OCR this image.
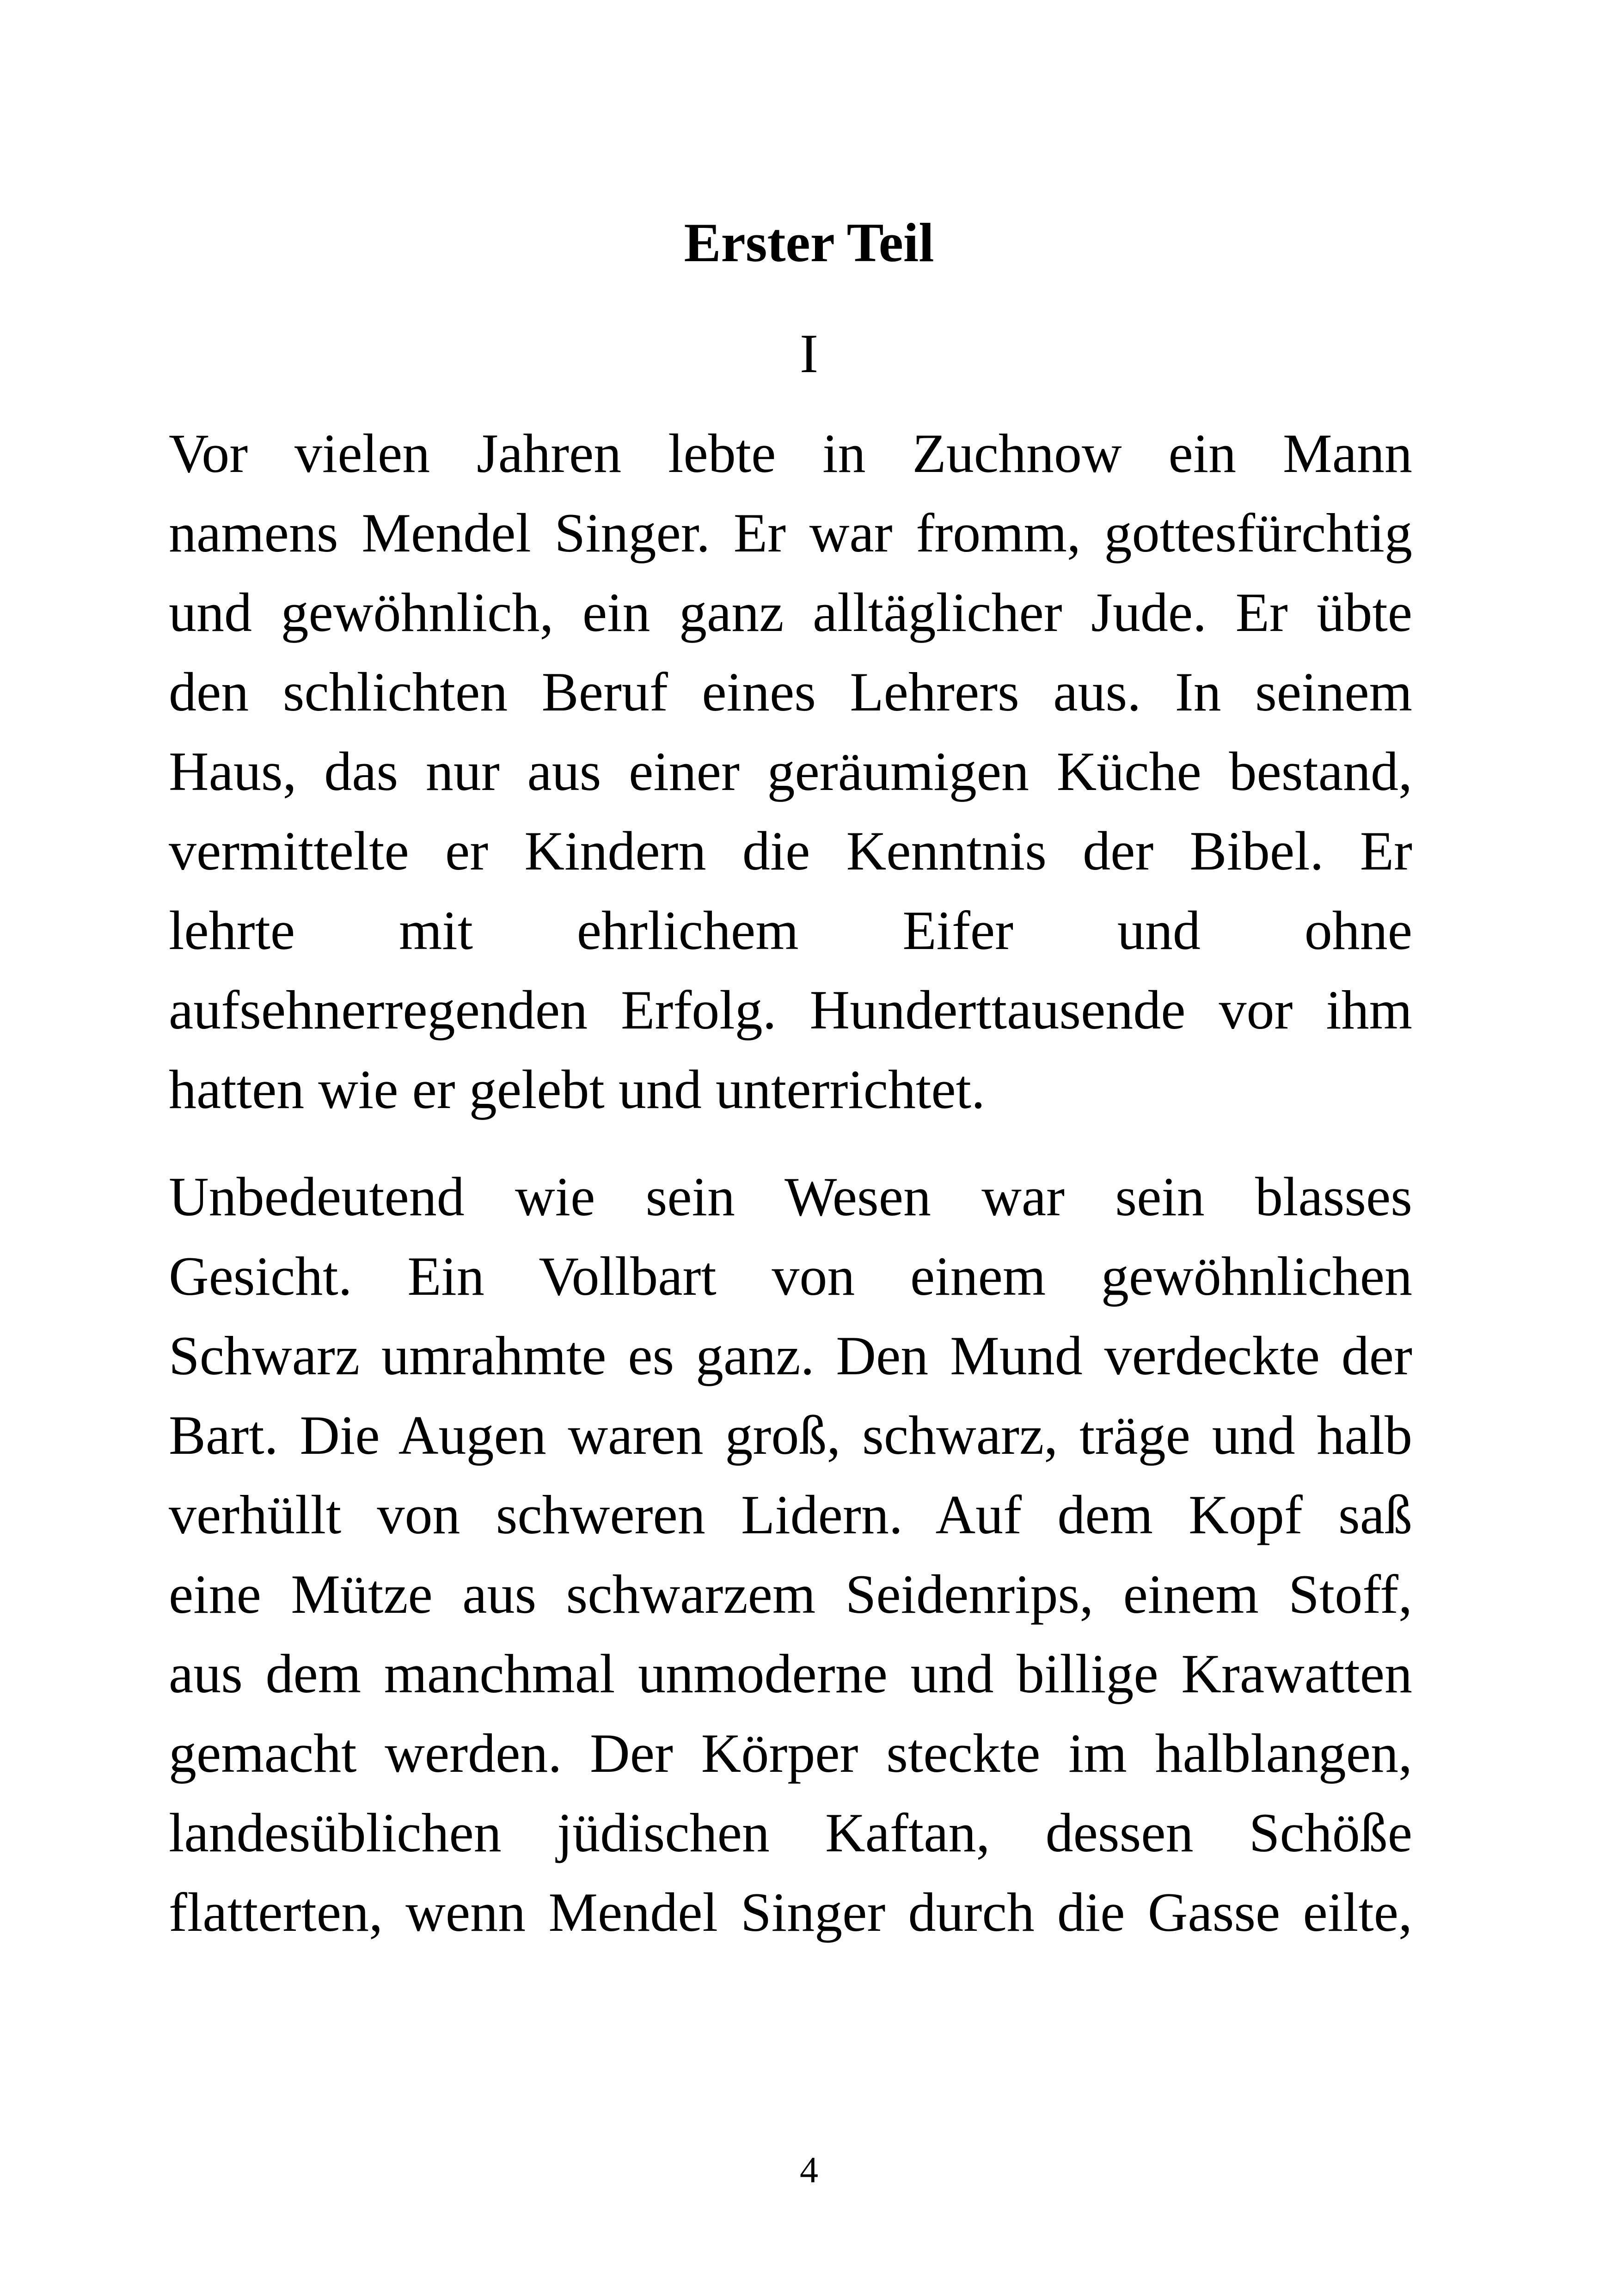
Erster Teil
I
Vor vielen Jahren lebte in Zuchnow ein Mann
namens Mendel Singer. Er war fromm, gottesfürchtig
und gewöhnlich, ein ganz alltäglicher Jude. Er übte
den schlichten Beruf eines Lehrers aus. In seinem
Haus, das nur aus einer geräumigen Küche bestand,
vermittelte er Kindern die Kenntnis der Bibel. Er
lehrte mit ehrlichem Eifer und ohne
aufsehnerregenden Erfolg. Hunderttausende vor ihm
hatten wie er gelebt und unterrichtet.
Unbedeutend wie sein Wesen war sein blasses
Gesicht. Ein Vollbart von einem gewöhnlichen
Schwarz umrahmte es ganz. Den Mund verdeckte der
Bart. Die Augen waren groß, schwarz, träge und halb
verhüllt von schweren Lidern. Auf dem Kopf saß
eine Mütze aus schwarzem Seidenrips, einem Stoff,
aus dem manchmal unmoderne und billige Krawatten
gemacht werden. Der Körper steckte im halblangen,
landesüblichen jüdischen Kaftan, dessen Schöße
flatterten, wenn Mendel Singer durch die Gasse eilte,
4
